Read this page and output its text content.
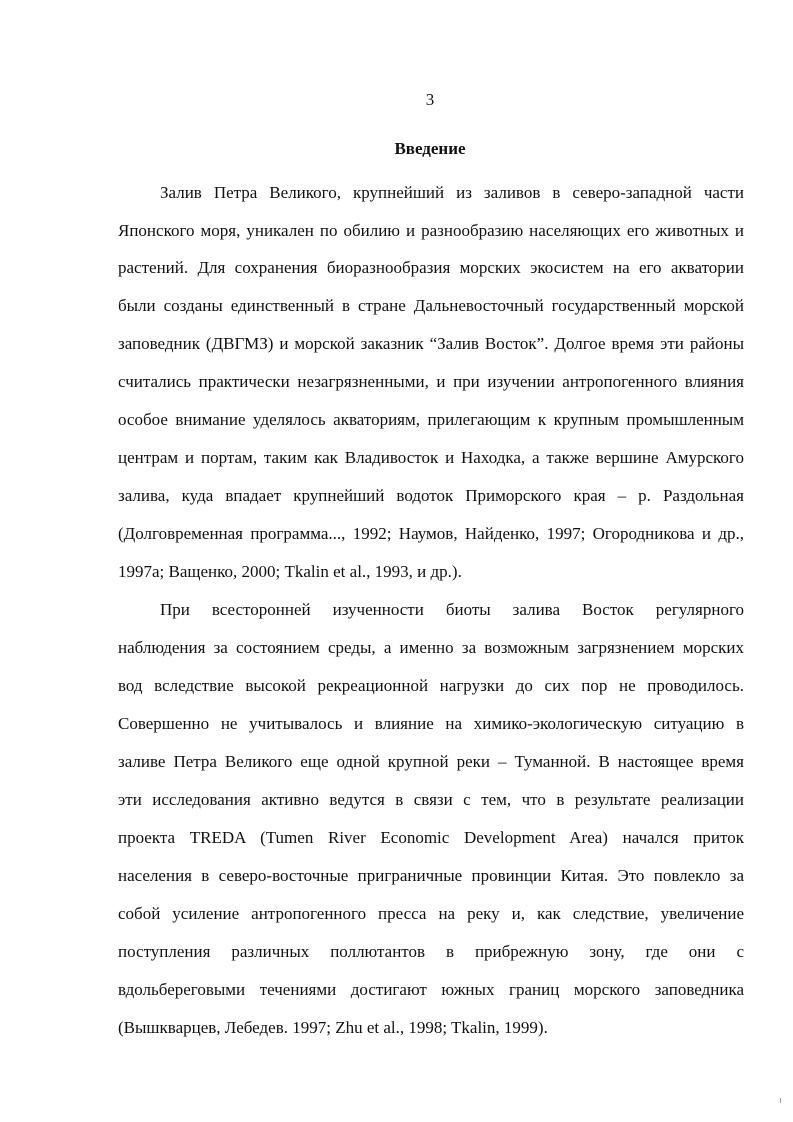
3
Введение
Залив Петра Великого, крупнейший из заливов в северо-западной части
Японского моря, уникален по обилию и разнообразию населяющих его животных и
растений. Для сохранения биоразнообразия морских экосистем на его акватории
были созданы единственный в стране Дальневосточный государственный морской
заповедник (ДВГМЗ) и морской заказник “Залив Восток”. Долгое время эти районы
считались практически незагрязненными, и при изучении антропогенного влияния
особое внимание уделялось акваториям, прилегающим к крупным промышленным
центрам и портам, таким как Владивосток и Находка, а также вершине Амурского
залива, куда впадает крупнейший водоток Приморского края – р. Раздольная
(Долговременная программа..., 1992; Наумов, Найденко, 1997; Огородникова и др.,
1997а; Ващенко, 2000; Tkalin et al., 1993, и др.).
При всесторонней изученности биоты залива Восток регулярного
наблюдения за состоянием среды, а именно за возможным загрязнением морских
вод вследствие высокой рекреационной нагрузки до сих пор не проводилось.
Совершенно не учитывалось и влияние на химико-экологическую ситуацию в
заливе Петра Великого еще одной крупной реки – Туманной. В настоящее время
эти исследования активно ведутся в связи с тем, что в результате реализации
проекта TREDA (Tumen River Economic Development Area) начался приток
населения в северо-восточные приграничные провинции Китая. Это повлекло за
собой усиление антропогенного пресса на реку и, как следствие, увеличение
поступления различных поллютантов в прибрежную зону, где они с
вдольбереговыми течениями достигают южных границ морского заповедника
(Вышкварцев, Лебедев. 1997; Zhu et al., 1998; Tkalin, 1999).
